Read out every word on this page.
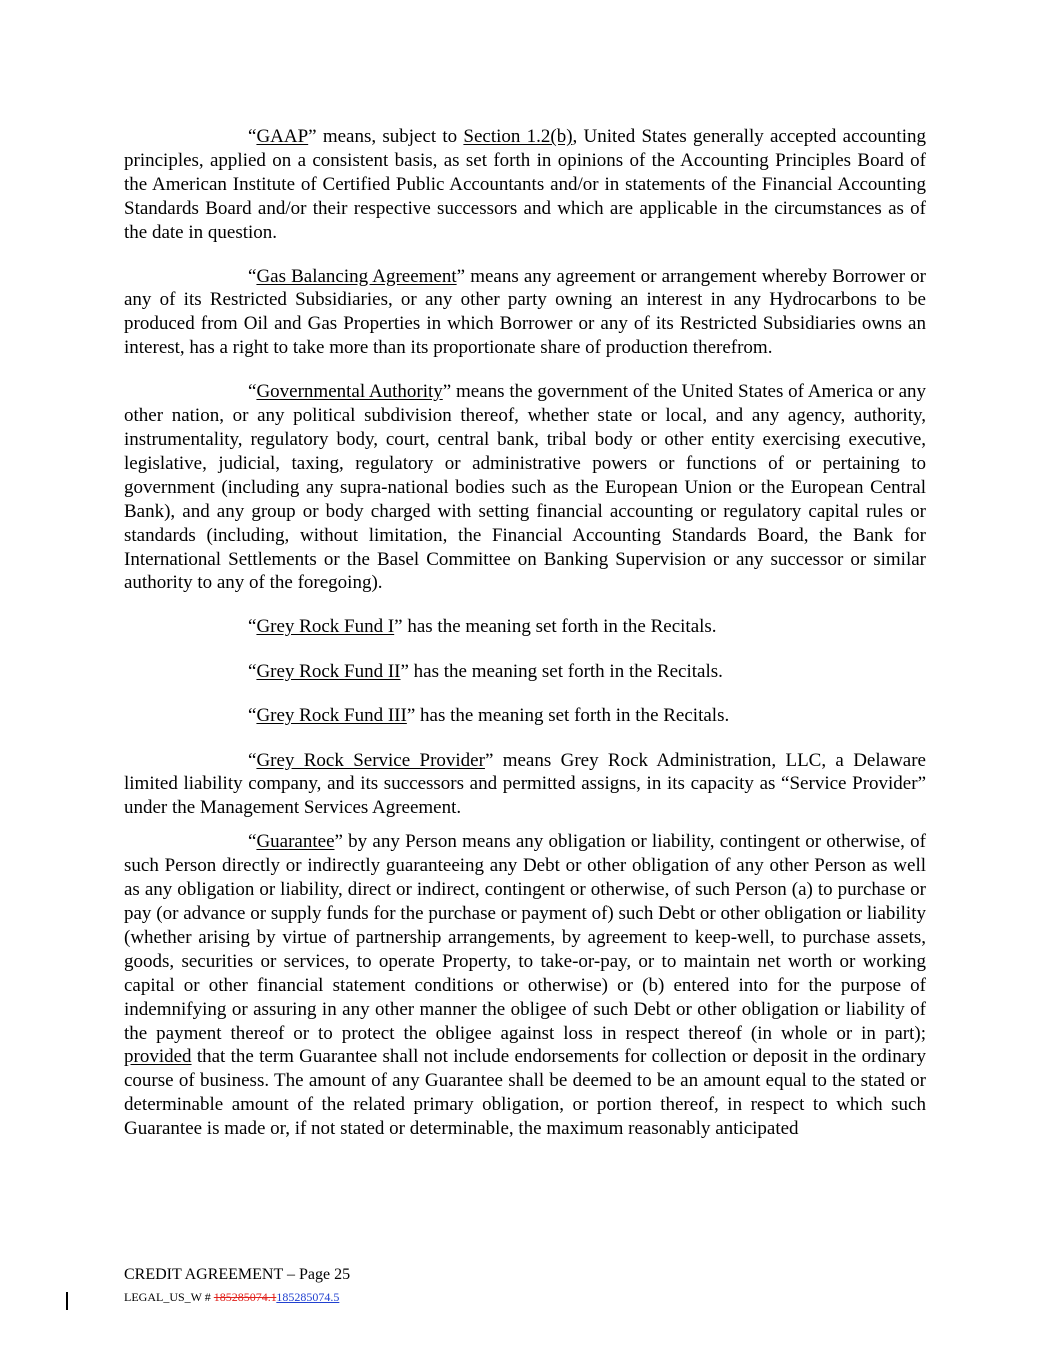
“GAAP” means, subject to Section 1.2(b), United States generally accepted accounting principles, applied on a consistent basis, as set forth in opinions of the Accounting Principles Board of the American Institute of Certified Public Accountants and/or in statements of the Financial Accounting Standards Board and/or their respective successors and which are applicable in the circumstances as of the date in question.

“Gas Balancing Agreement” means any agreement or arrangement whereby Borrower or any of its Restricted Subsidiaries, or any other party owning an interest in any Hydrocarbons to be produced from Oil and Gas Properties in which Borrower or any of its Restricted Subsidiaries owns an interest, has a right to take more than its proportionate share of production therefrom.

“Governmental Authority” means the government of the United States of America or any other nation, or any political subdivision thereof, whether state or local, and any agency, authority, instrumentality, regulatory body, court, central bank, tribal body or other entity exercising executive, legislative, judicial, taxing, regulatory or administrative powers or functions of or pertaining to government (including any supra-national bodies such as the European Union or the European Central Bank), and any group or body charged with setting financial accounting or regulatory capital rules or standards (including, without limitation, the Financial Accounting Standards Board, the Bank for International Settlements or the Basel Committee on Banking Supervision or any successor or similar authority to any of the foregoing).

“Grey Rock Fund I” has the meaning set forth in the Recitals.

“Grey Rock Fund II” has the meaning set forth in the Recitals.

“Grey Rock Fund III” has the meaning set forth in the Recitals.

“Grey Rock Service Provider” means Grey Rock Administration, LLC, a Delaware limited liability company, and its successors and permitted assigns, in its capacity as “Service Provider” under the Management Services Agreement.

“Guarantee” by any Person means any obligation or liability, contingent or otherwise, of such Person directly or indirectly guaranteeing any Debt or other obligation of any other Person as well as any obligation or liability, direct or indirect, contingent or otherwise, of such Person (a) to purchase or pay (or advance or supply funds for the purchase or payment of) such Debt or other obligation or liability (whether arising by virtue of partnership arrangements, by agreement to keep-well, to purchase assets, goods, securities or services, to operate Property, to take-or-pay, or to maintain net worth or working capital or other financial statement conditions or otherwise) or (b) entered into for the purpose of indemnifying or assuring in any other manner the obligee of such Debt or other obligation or liability of the payment thereof or to protect the obligee against loss in respect thereof (in whole or in part); provided that the term Guarantee shall not include endorsements for collection or deposit in the ordinary course of business. The amount of any Guarantee shall be deemed to be an amount equal to the stated or determinable amount of the related primary obligation, or portion thereof, in respect to which such Guarantee is made or, if not stated or determinable, the maximum reasonably anticipated

CREDIT AGREEMENT – Page 25

LEGAL_US_W # 185285074.1185285074.5
